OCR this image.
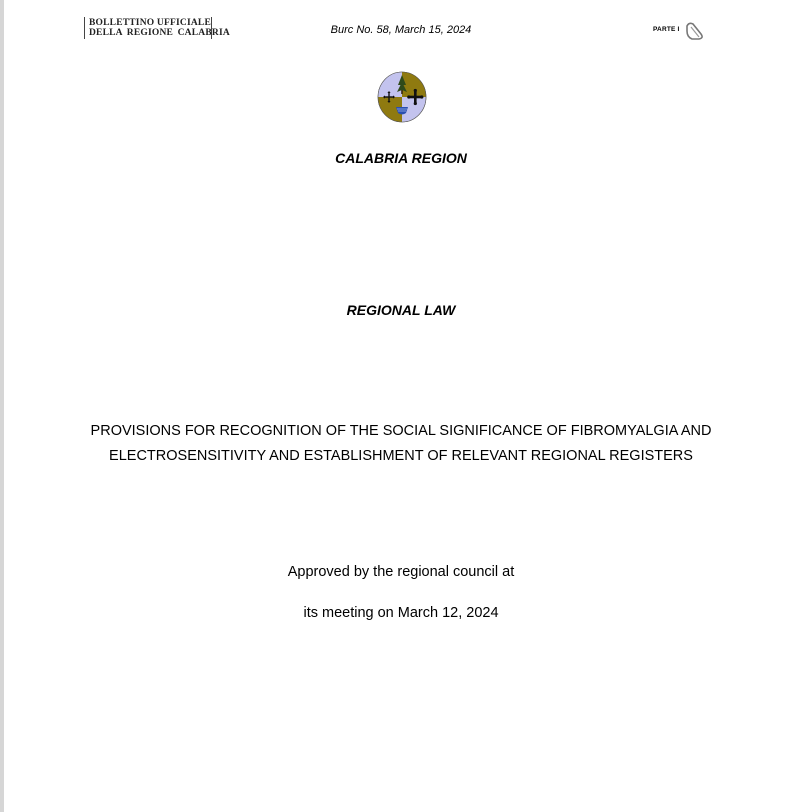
BOLLETTINO UFFICIALE
DELLA REGIONE CALABRIA	Burc No. 58, March 15, 2024	PARTE I
CALABRIA REGION
REGIONAL LAW
PROVISIONS FOR RECOGNITION OF THE SOCIAL SIGNIFICANCE OF FIBROMYALGIA AND
ELECTROSENSITIVITY AND ESTABLISHMENT OF RELEVANT REGIONAL REGISTERS
Approved by the regional council at
its meeting on March 12, 2024
